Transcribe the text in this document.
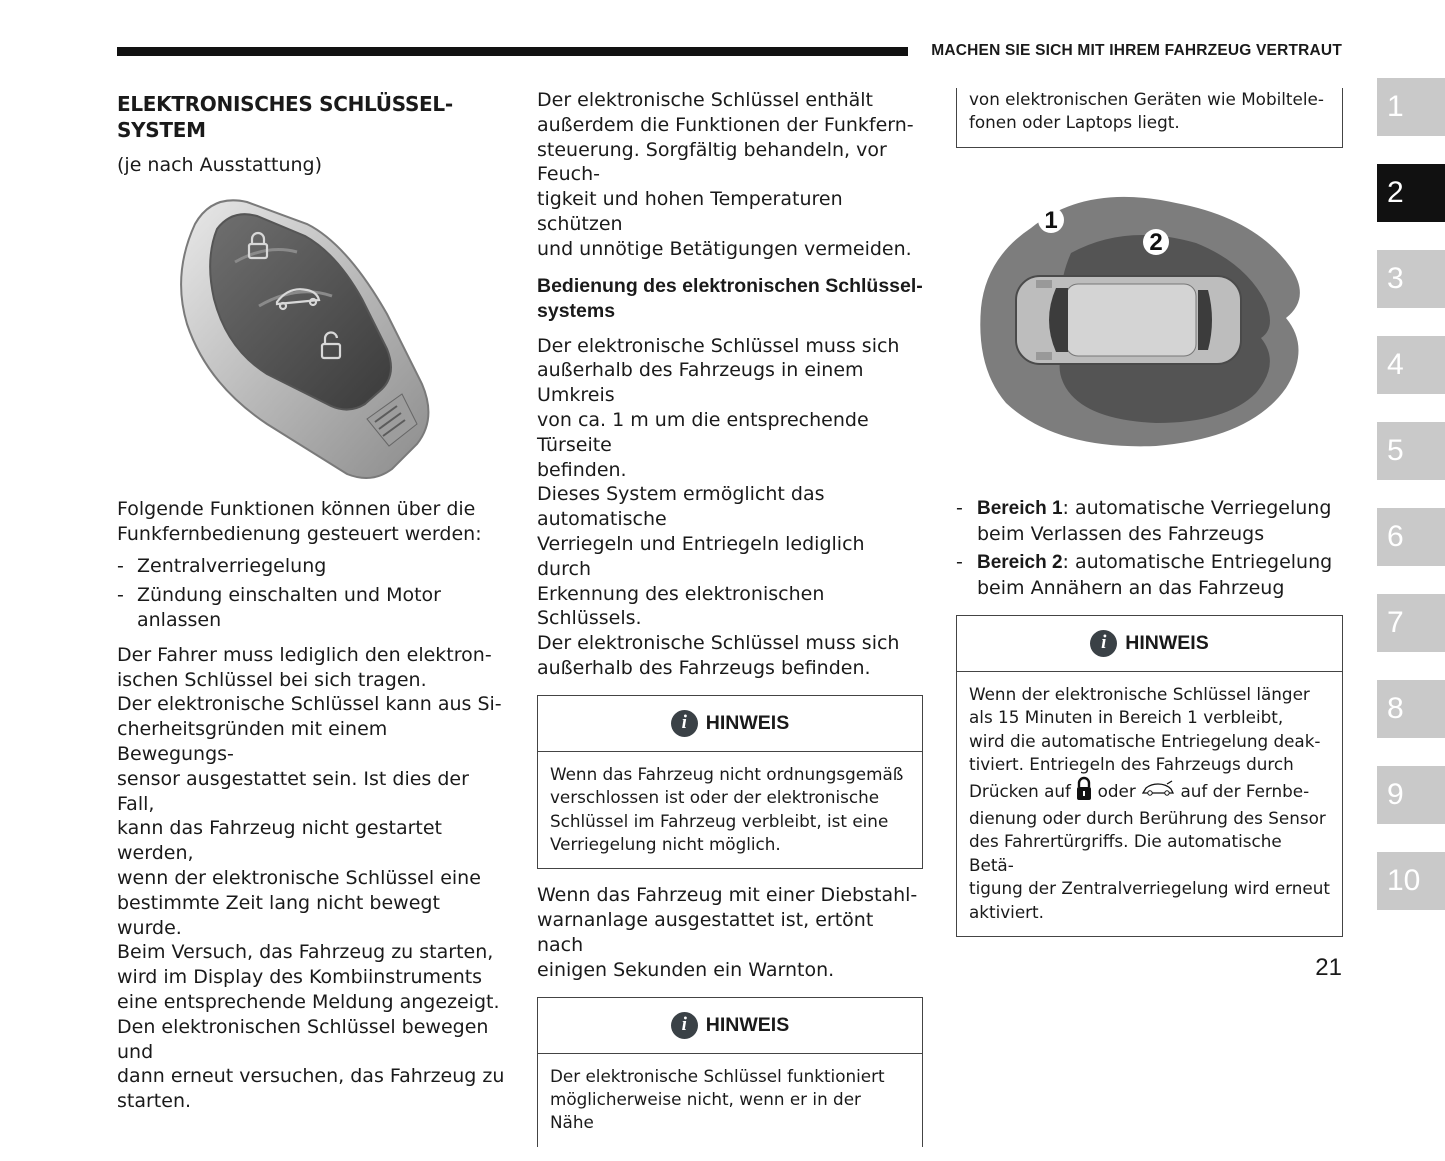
MACHEN SIE SICH MIT IHREM FAHRZEUG VERTRAUT
ELEKTRONISCHES SCHLÜSSEL-
SYSTEM
(je nach Ausstattung)
Folgende Funktionen können über die
Funkfernbedienung gesteuert werden:
- Zentralverriegelung
- Zündung einschalten und Motor anlassen
Der Fahrer muss lediglich den elektron-
ischen Schlüssel bei sich tragen.
Der elektronische Schlüssel kann aus Si-
cherheitsgründen mit einem Bewegungs-
sensor ausgestattet sein. Ist dies der Fall,
kann das Fahrzeug nicht gestartet werden,
wenn der elektronische Schlüssel eine
bestimmte Zeit lang nicht bewegt wurde.
Beim Versuch, das Fahrzeug zu starten,
wird im Display des Kombiinstruments
eine entsprechende Meldung angezeigt.
Den elektronischen Schlüssel bewegen und
dann erneut versuchen, das Fahrzeug zu
starten.
Der elektronische Schlüssel enthält
außerdem die Funktionen der Funkfern-
steuerung. Sorgfältig behandeln, vor Feuch-
tigkeit und hohen Temperaturen schützen
und unnötige Betätigungen vermeiden.
Bedienung des elektronischen Schlüssel-
systems
Der elektronische Schlüssel muss sich
außerhalb des Fahrzeugs in einem Umkreis
von ca. 1 m um die entsprechende Türseite
befinden.
Dieses System ermöglicht das automatische
Verriegeln und Entriegeln lediglich durch
Erkennung des elektronischen Schlüssels.
Der elektronische Schlüssel muss sich
außerhalb des Fahrzeugs befinden.
i HINWEIS
Wenn das Fahrzeug nicht ordnungsgemäß
verschlossen ist oder der elektronische
Schlüssel im Fahrzeug verbleibt, ist eine
Verriegelung nicht möglich.
Wenn das Fahrzeug mit einer Diebstahl-
warnanlage ausgestattet ist, ertönt nach
einigen Sekunden ein Warnton.
i HINWEIS
Der elektronische Schlüssel funktioniert
möglicherweise nicht, wenn er in der Nähe
von elektronischen Geräten wie Mobiltele-
fonen oder Laptops liegt.
1
2
- Bereich 1: automatische Verriegelung
beim Verlassen des Fahrzeugs
- Bereich 2: automatische Entriegelung
beim Annähern an das Fahrzeug
i HINWEIS
Wenn der elektronische Schlüssel länger
als 15 Minuten in Bereich 1 verbleibt,
wird die automatische Entriegelung deak-
tiviert. Entriegeln des Fahrzeugs durch
Drücken auf oder	auf der Fernbe-
dienung oder durch Berührung des Sensor
des Fahrertürgriffs. Die automatische Betä-
tigung der Zentralverriegelung wird erneut
aktiviert.
1
2
3
4
5
6
7
8
9
10
21
